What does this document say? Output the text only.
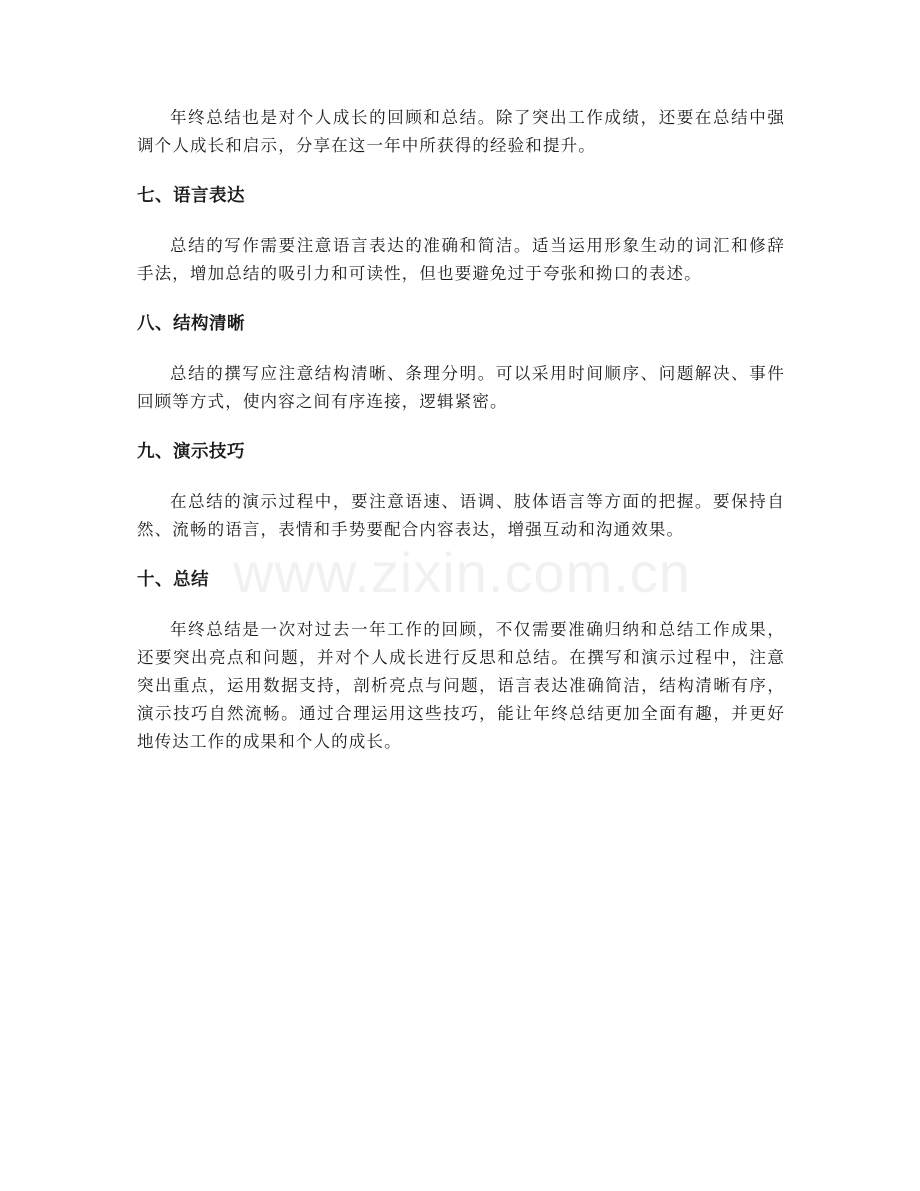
年终总结也是对个人成长的回顾和总结。除了突出工作成绩，还要在总结中强调个人成长和启示，分享在这一年中所获得的经验和提升。

七、语言表达

总结的写作需要注意语言表达的准确和简洁。适当运用形象生动的词汇和修辞手法，增加总结的吸引力和可读性，但也要避免过于夸张和拗口的表述。

八、结构清晰

总结的撰写应注意结构清晰、条理分明。可以采用时间顺序、问题解决、事件回顾等方式，使内容之间有序连接，逻辑紧密。

九、演示技巧

在总结的演示过程中，要注意语速、语调、肢体语言等方面的把握。要保持自然、流畅的语言，表情和手势要配合内容表达，增强互动和沟通效果。

十、总结

年终总结是一次对过去一年工作的回顾，不仅需要准确归纳和总结工作成果，还要突出亮点和问题，并对个人成长进行反思和总结。在撰写和演示过程中，注意突出重点，运用数据支持，剖析亮点与问题，语言表达准确简洁，结构清晰有序，演示技巧自然流畅。通过合理运用这些技巧，能让年终总结更加全面有趣，并更好地传达工作的成果和个人的成长。

www.zixin.com.cn
